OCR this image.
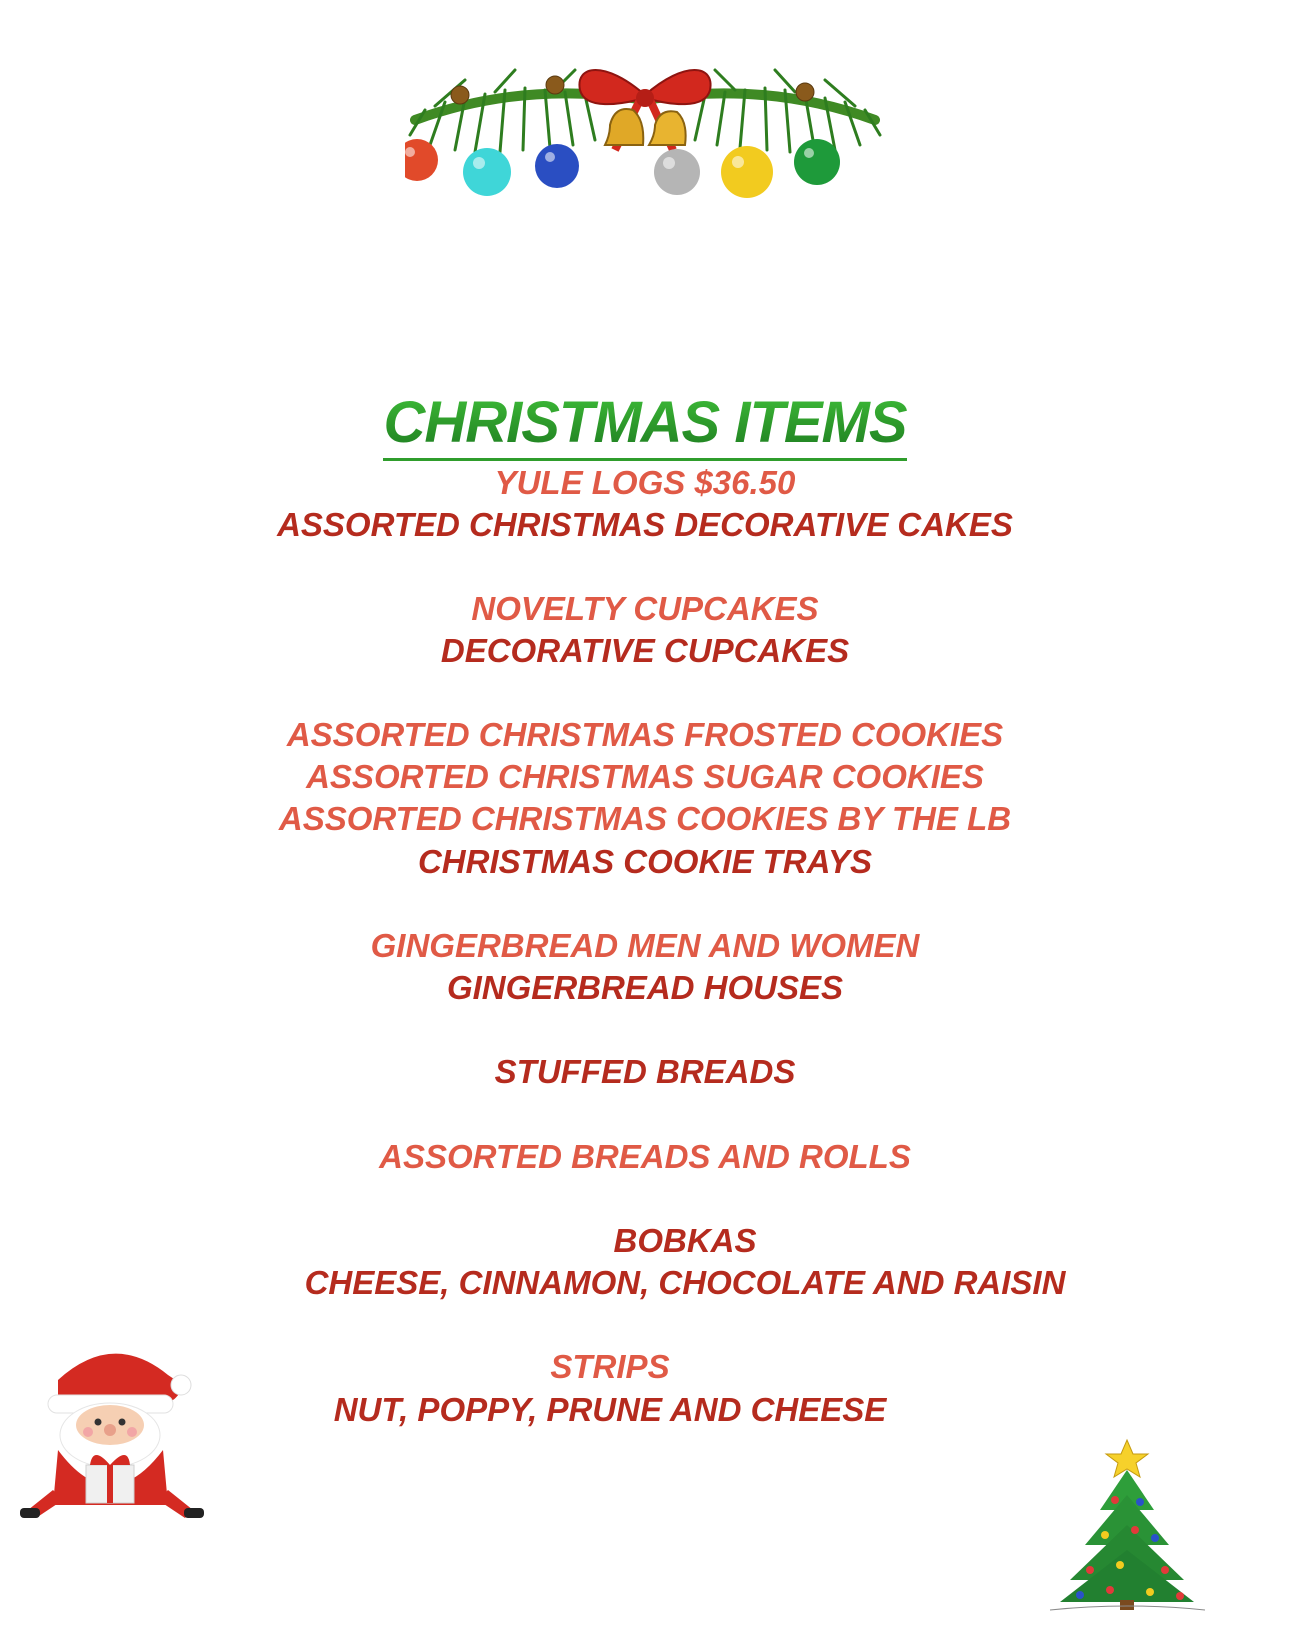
CHRISTMAS ITEMS
YULE LOGS $36.50
ASSORTED CHRISTMAS DECORATIVE CAKES
NOVELTY CUPCAKES
DECORATIVE CUPCAKES
ASSORTED CHRISTMAS FROSTED COOKIES
ASSORTED CHRISTMAS SUGAR COOKIES
ASSORTED CHRISTMAS COOKIES BY THE LB
CHRISTMAS COOKIE TRAYS
GINGERBREAD MEN AND WOMEN
GINGERBREAD HOUSES
STUFFED BREADS
ASSORTED BREADS AND ROLLS
BOBKAS
CHEESE, CINNAMON, CHOCOLATE AND RAISIN
STRIPS
NUT, POPPY, PRUNE AND CHEESE
